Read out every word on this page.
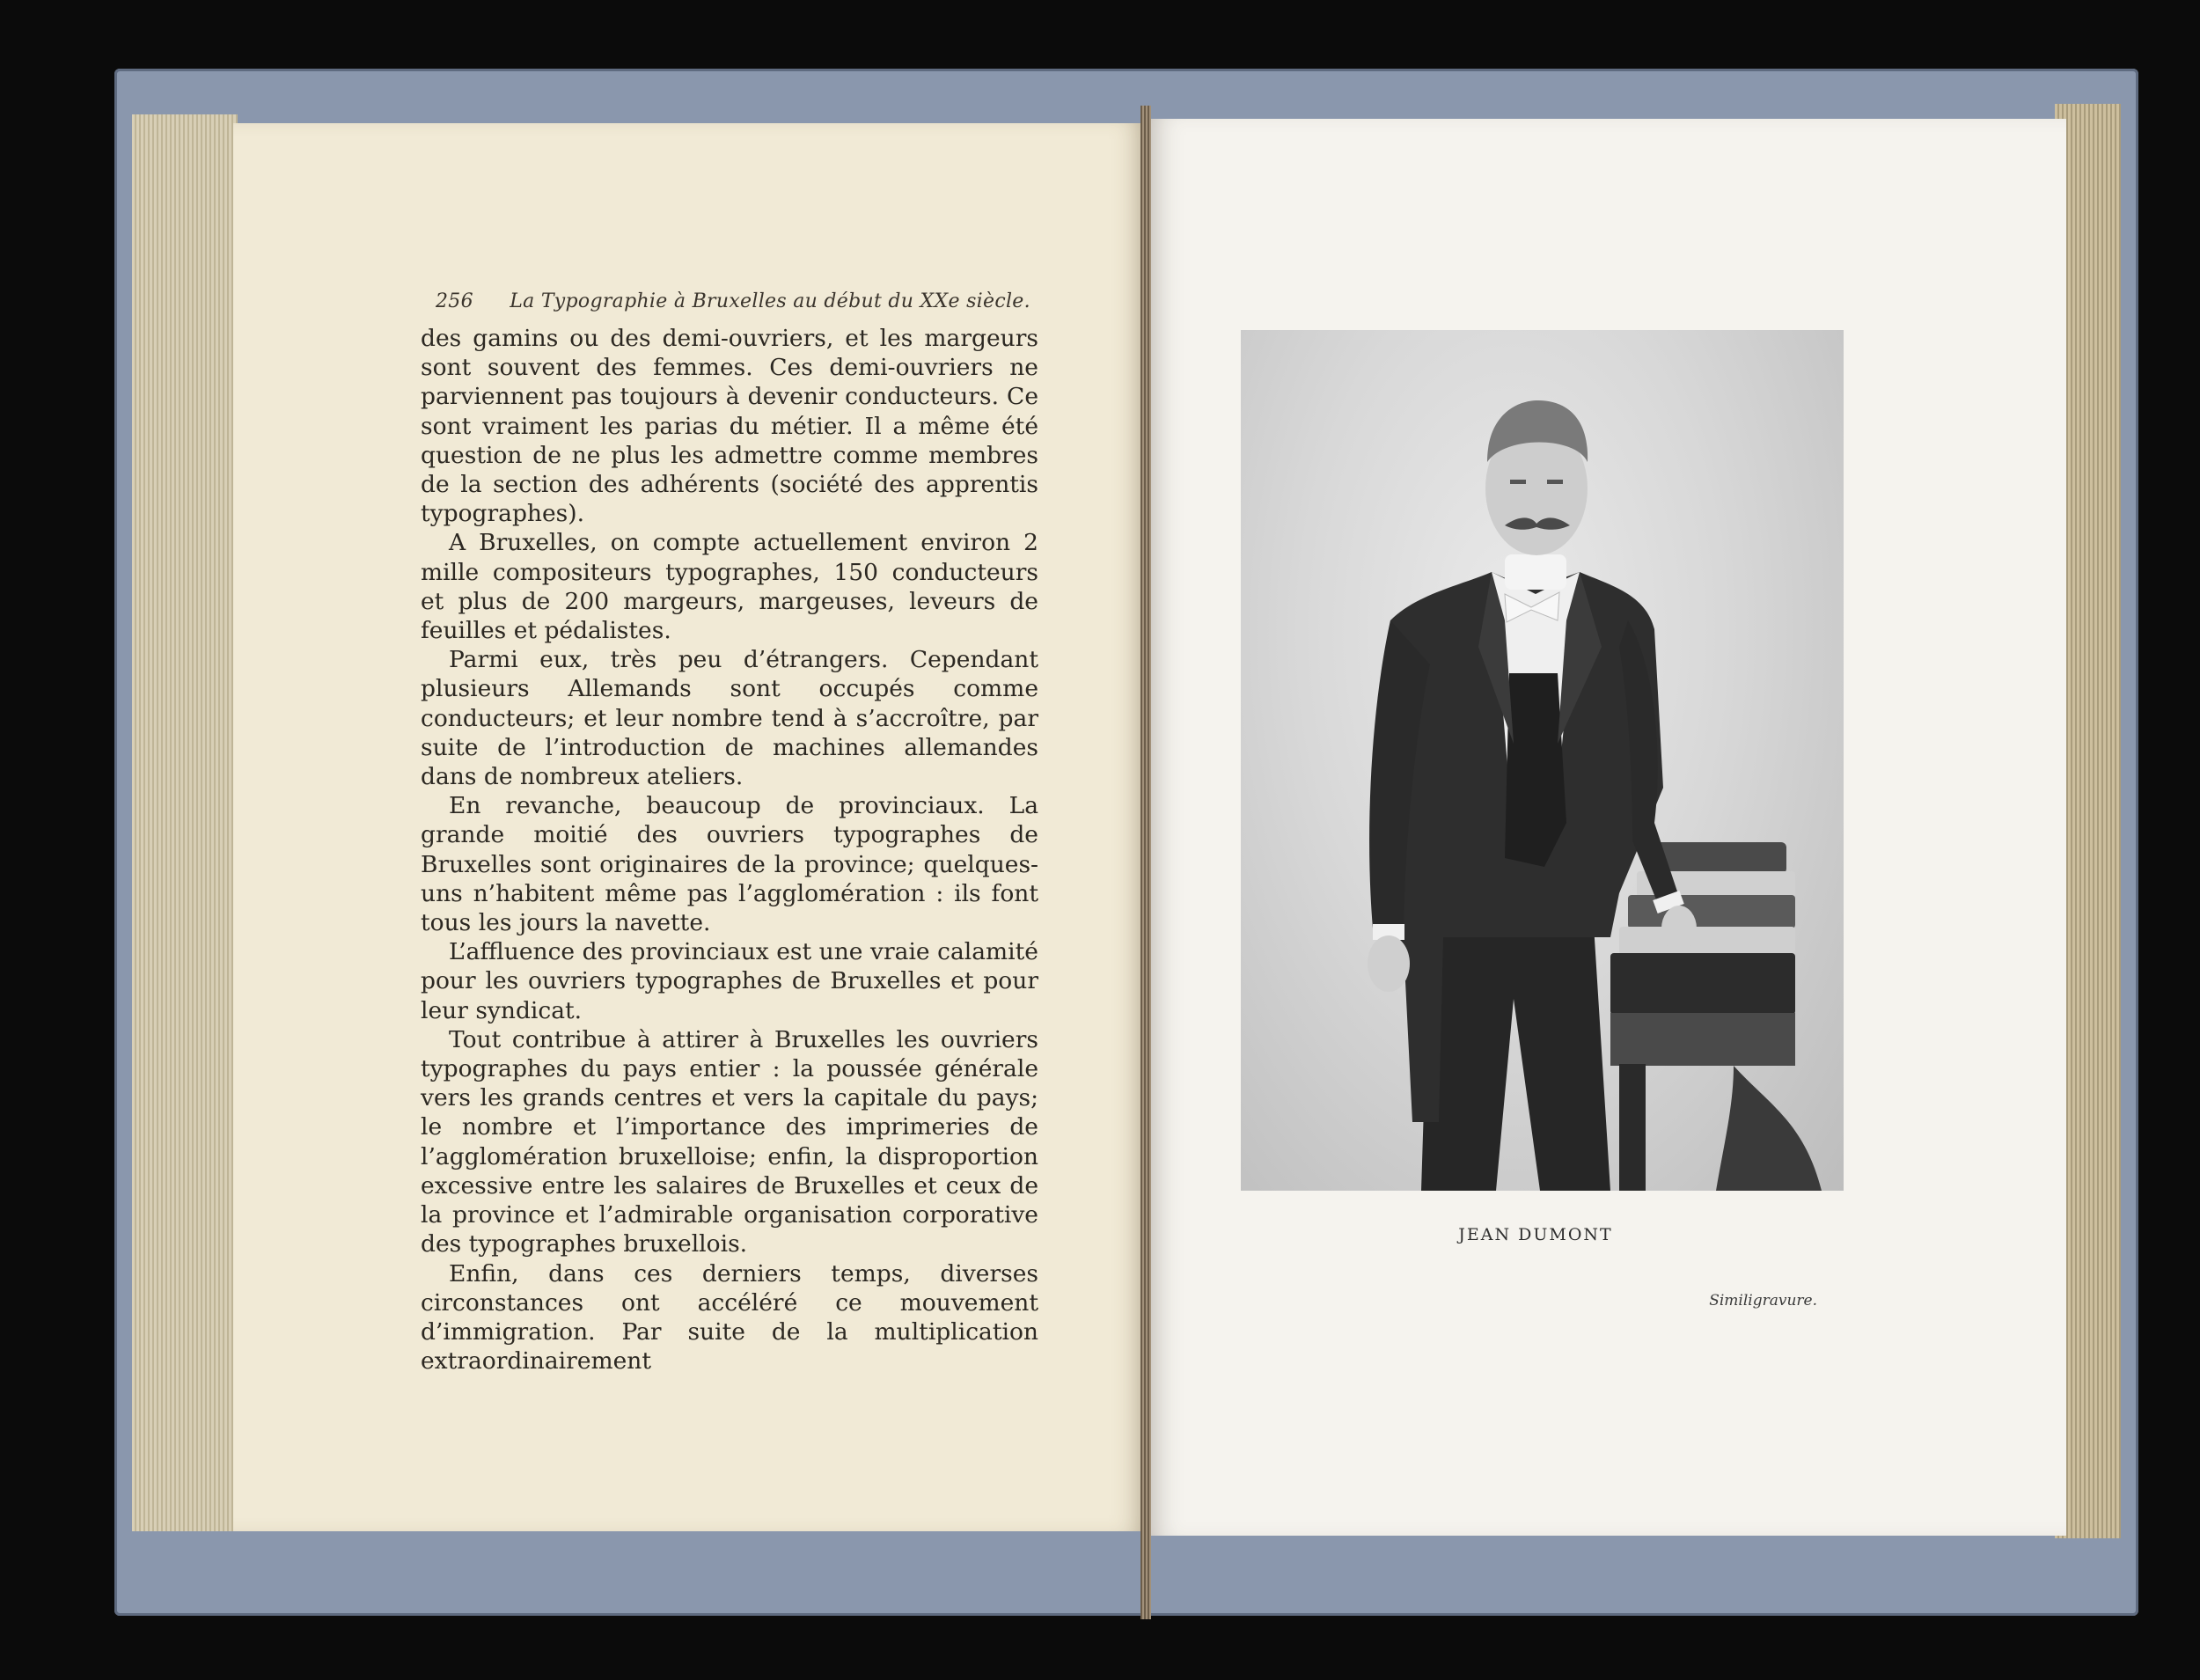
256 La Typographie à Bruxelles au début du XXe siècle.

des gamins ou des demi-ouvriers, et les margeurs sont souvent des femmes. Ces demi-ouvriers ne parviennent pas toujours à devenir conducteurs. Ce sont vraiment les parias du métier. Il a même été question de ne plus les admettre comme membres de la section des adhérents (société des apprentis typographes).

A Bruxelles, on compte actuellement environ 2 mille compositeurs typographes, 150 conducteurs et plus de 200 margeurs, margeuses, leveurs de feuilles et pédalistes.

Parmi eux, très peu d’étrangers. Cependant plusieurs Allemands sont occupés comme conducteurs; et leur nombre tend à s’accroître, par suite de l’introduction de machines allemandes dans de nombreux ateliers.

En revanche, beaucoup de provinciaux. La grande moitié des ouvriers typographes de Bruxelles sont originaires de la province; quelques-uns n’habitent même pas l’agglomération : ils font tous les jours la navette.

L’affluence des provinciaux est une vraie calamité pour les ouvriers typographes de Bruxelles et pour leur syndicat.

Tout contribue à attirer à Bruxelles les ouvriers typographes du pays entier : la poussée générale vers les grands centres et vers la capitale du pays; le nombre et l’importance des imprimeries de l’agglomération bruxelloise; enfin, la disproportion excessive entre les salaires de Bruxelles et ceux de la province et l’admirable organisation corporative des typographes bruxellois.

Enfin, dans ces derniers temps, diverses circonstances ont accéléré ce mouvement d’immigration. Par suite de la multiplication extraordinairement

JEAN DUMONT
Similigravure.
